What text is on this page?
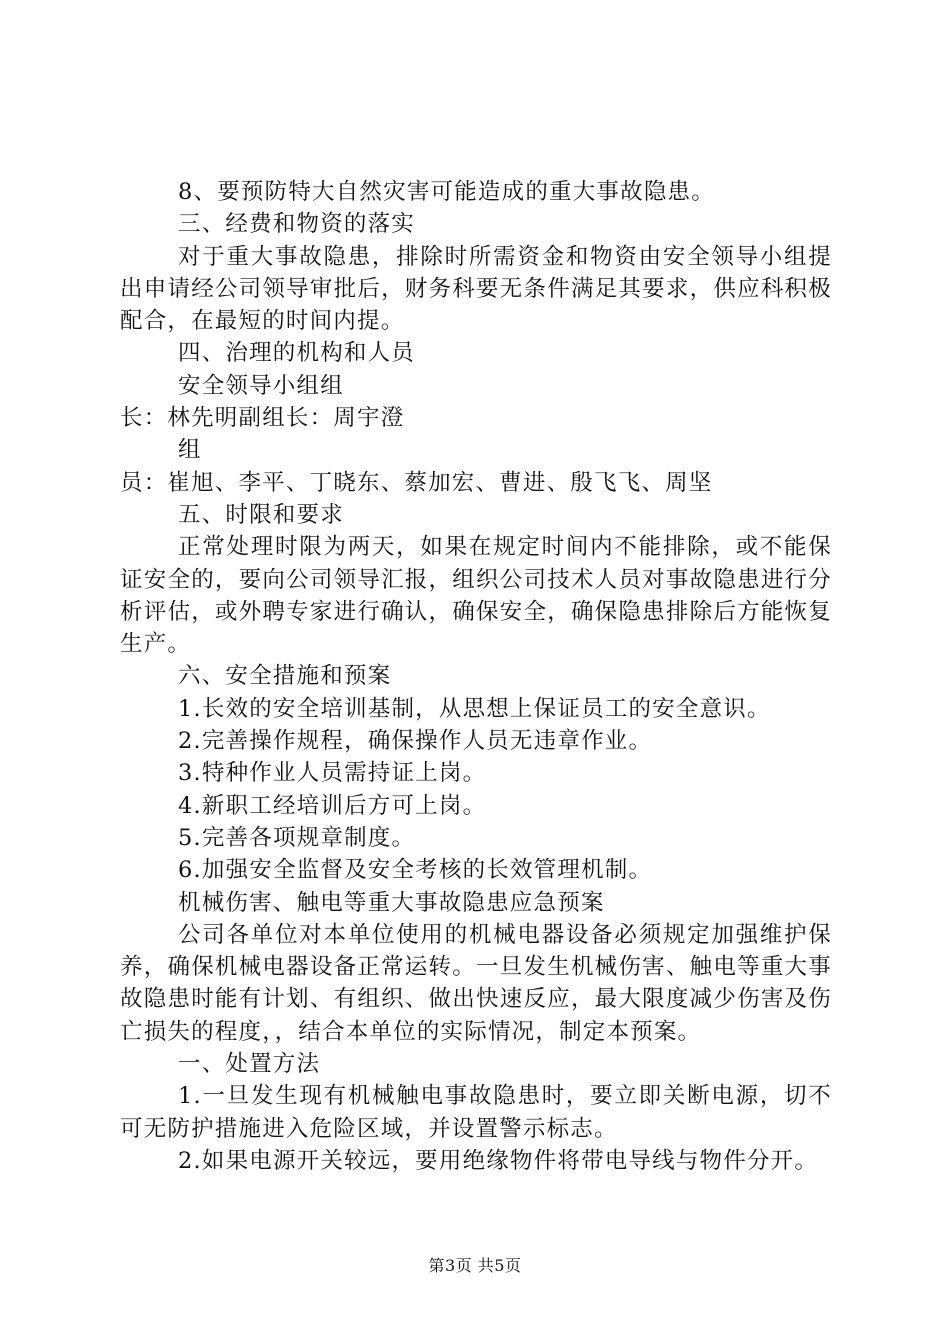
8、要预防特大自然灾害可能造成的重大事故隐患。

三、经费和物资的落实

对于重大事故隐患，排除时所需资金和物资由安全领导小组提出申请经公司领导审批后，财务科要无条件满足其要求，供应科积极配合，在最短的时间内提。

四、治理的机构和人员

安全领导小组组

长：林先明副组长：周宇澄

组

员：崔旭、李平、丁晓东、蔡加宏、曹进、殷飞飞、周坚

五、时限和要求

正常处理时限为两天，如果在规定时间内不能排除，或不能保证安全的，要向公司领导汇报，组织公司技术人员对事故隐患进行分析评估，或外聘专家进行确认，确保安全，确保隐患排除后方能恢复生产。

六、安全措施和预案

1.长效的安全培训基制，从思想上保证员工的安全意识。

2.完善操作规程，确保操作人员无违章作业。

3.特种作业人员需持证上岗。

4.新职工经培训后方可上岗。

5.完善各项规章制度。

6.加强安全监督及安全考核的长效管理机制。

机械伤害、触电等重大事故隐患应急预案

公司各单位对本单位使用的机械电器设备必须规定加强维护保养，确保机械电器设备正常运转。一旦发生机械伤害、触电等重大事故隐患时能有计划、有组织、做出快速反应，最大限度减少伤害及伤亡损失的程度，，结合本单位的实际情况，制定本预案。

一、处置方法

1.一旦发生现有机械触电事故隐患时，要立即关断电源，切不可无防护措施进入危险区域，并设置警示标志。

2.如果电源开关较远，要用绝缘物件将带电导线与物件分开。

第3页 共5页
